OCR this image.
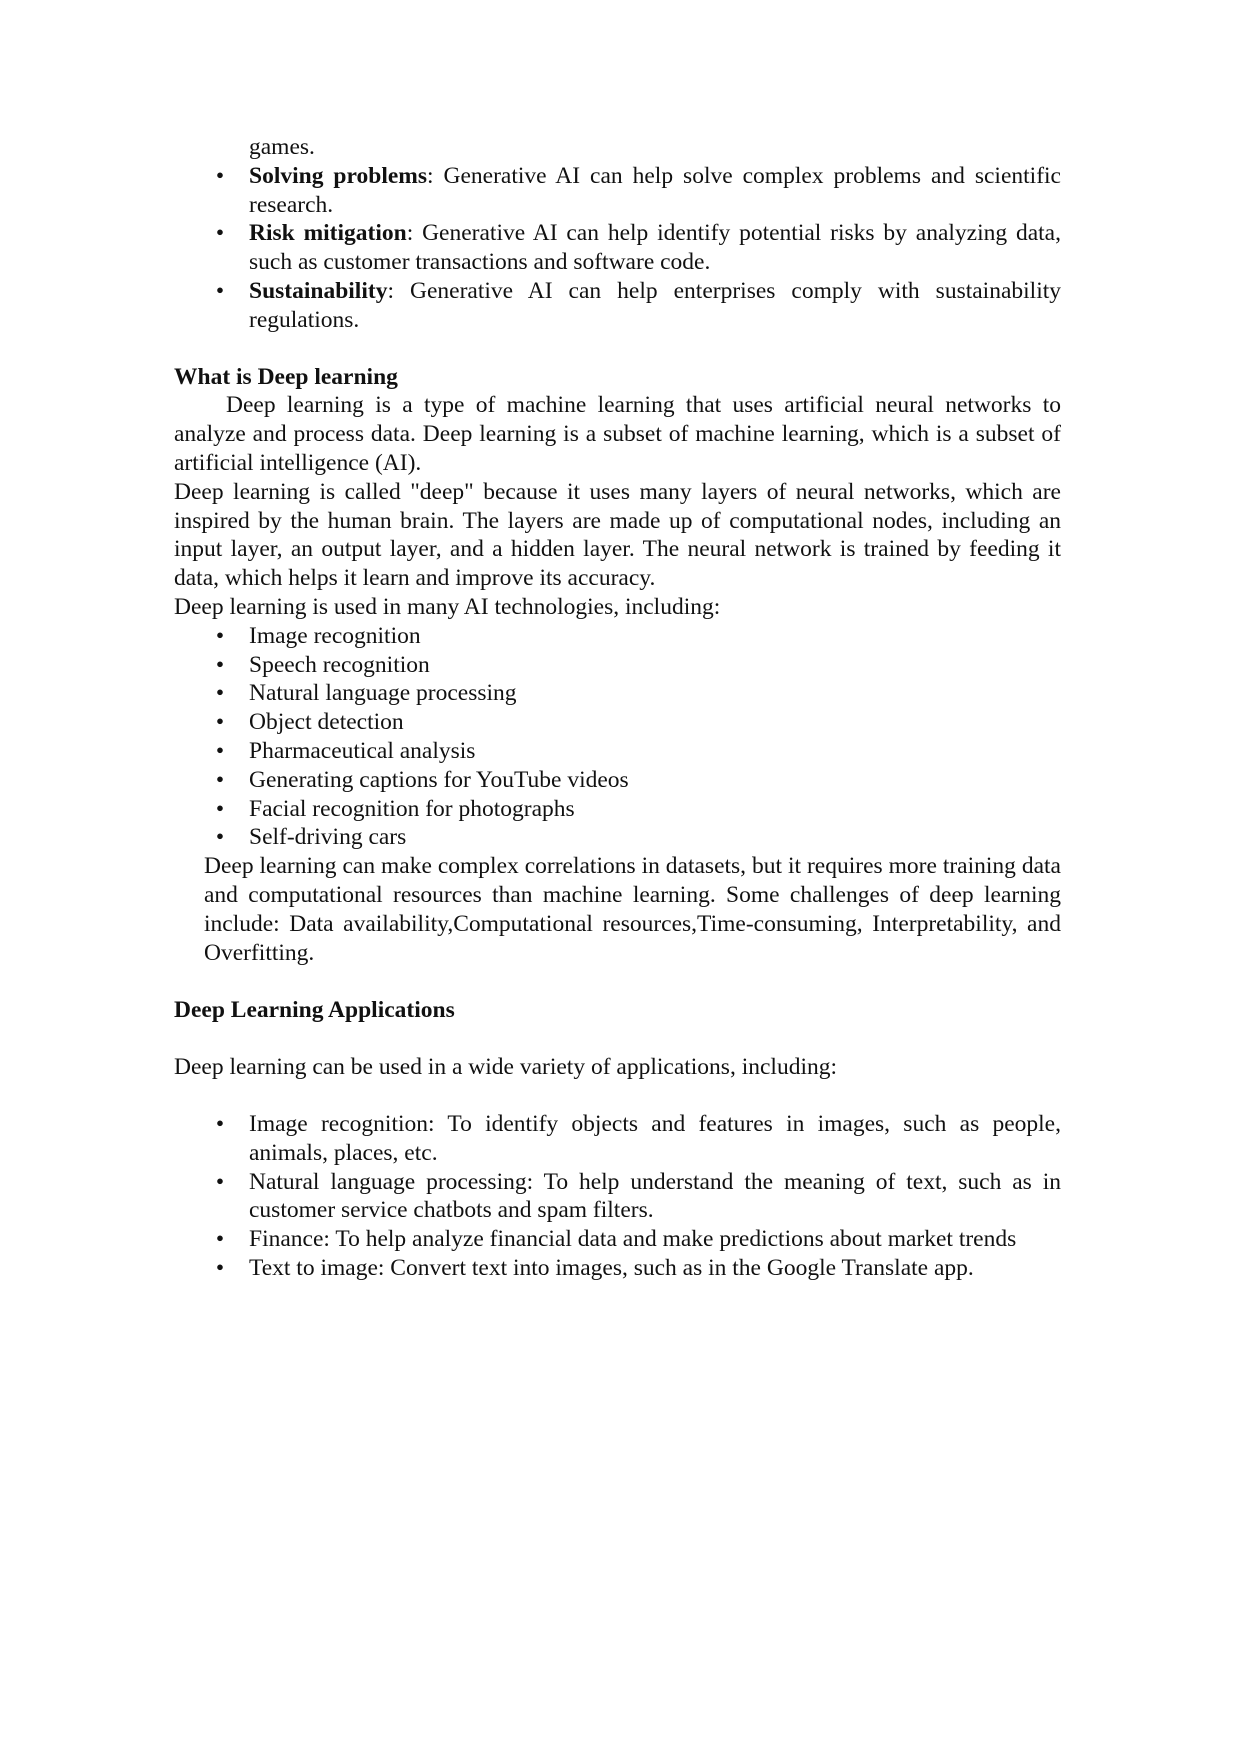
games.
• Solving problems: Generative AI can help solve complex problems and scientific research.
• Risk mitigation: Generative AI can help identify potential risks by analyzing data, such as customer transactions and software code.
• Sustainability: Generative AI can help enterprises comply with sustainability regulations.
What is Deep learning

Deep learning is a type of machine learning that uses artificial neural networks to analyze and process data. Deep learning is a subset of machine learning, which is a subset of artificial intelligence (AI).

Deep learning is called "deep" because it uses many layers of neural networks, which are inspired by the human brain. The layers are made up of computational nodes, including an input layer, an output layer, and a hidden layer. The neural network is trained by feeding it data, which helps it learn and improve its accuracy.

Deep learning is used in many AI technologies, including:

• Image recognition
• Speech recognition
• Natural language processing
• Object detection
• Pharmaceutical analysis
• Generating captions for YouTube videos
• Facial recognition for photographs
• Self-driving cars

Deep learning can make complex correlations in datasets, but it requires more training data and computational resources than machine learning. Some challenges of deep learning include: Data availability,Computational resources,Time-consuming, Interpretability, and Overfitting.

Deep Learning Applications

Deep learning can be used in a wide variety of applications, including:

• Image recognition: To identify objects and features in images, such as people, animals, places, etc.
• Natural language processing: To help understand the meaning of text, such as in customer service chatbots and spam filters.
• Finance: To help analyze financial data and make predictions about market trends
• Text to image: Convert text into images, such as in the Google Translate app.
